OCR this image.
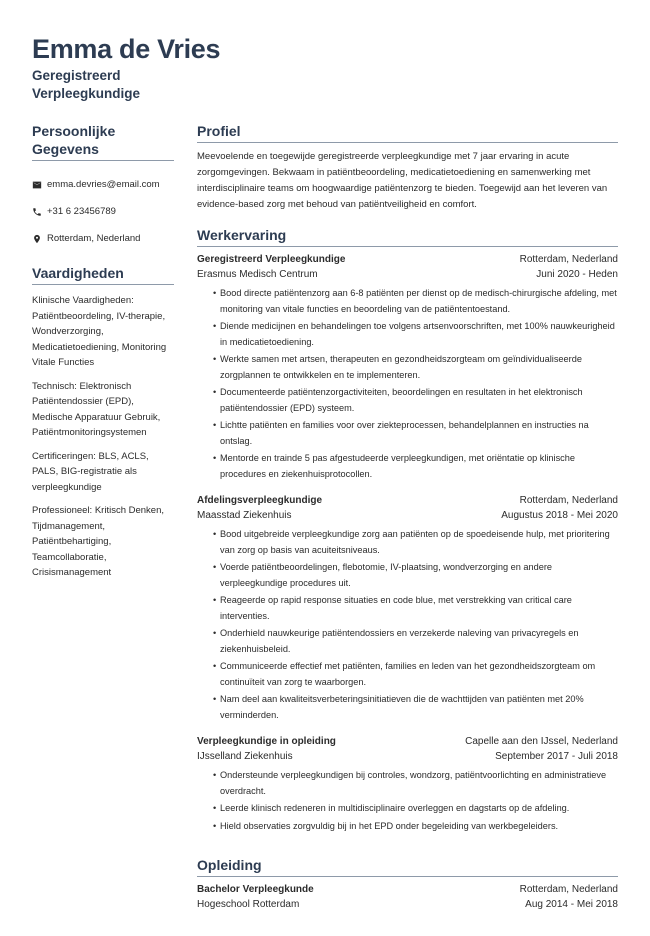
Emma de Vries
Geregistreerd Verpleegkundige
Persoonlijke Gegevens
emma.devries@email.com
+31 6 23456789
Rotterdam, Nederland
Vaardigheden
Klinische Vaardigheden: Patiëntbeoordeling, IV-therapie, Wondverzorging, Medicatietoediening, Monitoring Vitale Functies
Technisch: Elektronisch Patiëntendossier (EPD), Medische Apparatuur Gebruik, Patiëntmonitoringsystemen
Certificeringen: BLS, ACLS, PALS, BIG-registratie als verpleegkundige
Professioneel: Kritisch Denken, Tijdmanagement, Patiëntbehartiging, Teamcollaboratie, Crisismanagement
Profiel
Meevoelende en toegewijde geregistreerde verpleegkundige met 7 jaar ervaring in acute zorgomgevingen. Bekwaam in patiëntbeoordeling, medicatietoediening en samenwerking met interdisciplinaire teams om hoogwaardige patiëntenzorg te bieden. Toegewijd aan het leveren van evidence-based zorg met behoud van patiëntveiligheid en comfort.
Werkervaring
Geregistreerd Verpleegkundige	Rotterdam, Nederland
Erasmus Medisch Centrum	Juni 2020 - Heden
• Bood directe patiëntenzorg aan 6-8 patiënten per dienst op de medisch-chirurgische afdeling, met monitoring van vitale functies en beoordeling van de patiëntentoestand.
• Diende medicijnen en behandelingen toe volgens artsenvoorschriften, met 100% nauwkeurigheid in medicatietoediening.
• Werkte samen met artsen, therapeuten en gezondheidszorgteam om geïndividualiseerde zorgplannen te ontwikkelen en te implementeren.
• Documenteerde patiëntenzorgactiviteiten, beoordelingen en resultaten in het elektronisch patiëntendossier (EPD) systeem.
• Lichtte patiënten en families voor over ziekteprocessen, behandelplannen en instructies na ontslag.
• Mentorde en trainde 5 pas afgestudeerde verpleegkundigen, met oriëntatie op klinische procedures en ziekenhuisprotocollen.
Afdelingsverpleegkundige	Rotterdam, Nederland
Maasstad Ziekenhuis	Augustus 2018 - Mei 2020
• Bood uitgebreide verpleegkundige zorg aan patiënten op de spoedeisende hulp, met prioritering van zorg op basis van acuiteitsniveaus.
• Voerde patiëntbeoordelingen, flebotomie, IV-plaatsing, wondverzorging en andere verpleegkundige procedures uit.
• Reageerde op rapid response situaties en code blue, met verstrekking van critical care interventies.
• Onderhield nauwkeurige patiëntendossiers en verzekerde naleving van privacyregels en ziekenhuisbeleid.
• Communiceerde effectief met patiënten, families en leden van het gezondheidszorgteam om continuïteit van zorg te waarborgen.
• Nam deel aan kwaliteitsverbeteringsinitiatieven die de wachttijden van patiënten met 20% verminderden.
Verpleegkundige in opleiding	Capelle aan den IJssel, Nederland
IJsselland Ziekenhuis	September 2017 - Juli 2018
• Ondersteunde verpleegkundigen bij controles, wondzorg, patiëntvoorlichting en administratieve overdracht.
• Leerde klinisch redeneren in multidisciplinaire overleggen en dagstarts op de afdeling.
• Hield observaties zorgvuldig bij in het EPD onder begeleiding van werkbegeleiders.
Opleiding
Bachelor Verpleegkunde	Rotterdam, Nederland
Hogeschool Rotterdam	Aug 2014 - Mei 2018
